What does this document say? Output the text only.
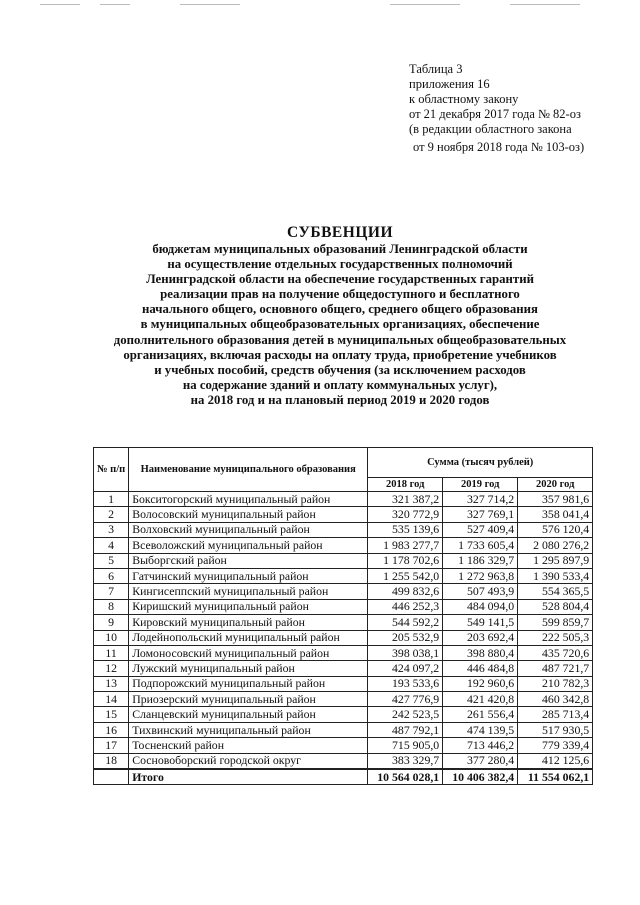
Таблица 3
приложения 16
к областному закону
от 21 декабря 2017 года № 82-оз
(в редакции областного закона
от 9 ноября 2018 года № 103-оз)
СУБВЕНЦИИ
бюджетам муниципальных образований Ленинградской области
на осуществление отдельных государственных полномочий
Ленинградской области на обеспечение государственных гарантий
реализации прав на получение общедоступного и бесплатного
начального общего, основного общего, среднего общего образования
в муниципальных общеобразовательных организациях, обеспечение
дополнительного образования детей в муниципальных общеобразовательных
организациях, включая расходы на оплату труда, приобретение учебников
и учебных пособий, средств обучения (за исключением расходов
на содержание зданий и оплату коммунальных услуг),
на 2018 год и на плановый период 2019 и 2020 годов
№ п/п	Наименование муниципального образования	Сумма (тысяч рублей)		
		2018 год	2019 год	2020 год
1	Бокситогорский муниципальный район	321 387,2	327 714,2	357 981,6
2	Волосовский муниципальный район	320 772,9	327 769,1	358 041,4
3	Волховский муниципальный район	535 139,6	527 409,4	576 120,4
4	Всеволожский муниципальный район	1 983 277,7	1 733 605,4	2 080 276,2
5	Выборгский район	1 178 702,6	1 186 329,7	1 295 897,9
6	Гатчинский муниципальный район	1 255 542,0	1 272 963,8	1 390 533,4
7	Кингисеппский муниципальный район	499 832,6	507 493,9	554 365,5
8	Киришский муниципальный район	446 252,3	484 094,0	528 804,4
9	Кировский муниципальный район	544 592,2	549 141,5	599 859,7
10	Лодейнопольский муниципальный район	205 532,9	203 692,4	222 505,3
11	Ломоносовский муниципальный район	398 038,1	398 880,4	435 720,6
12	Лужский муниципальный район	424 097,2	446 484,8	487 721,7
13	Подпорожский муниципальный район	193 533,6	192 960,6	210 782,3
14	Приозерский муниципальный район	427 776,9	421 420,8	460 342,8
15	Сланцевский муниципальный район	242 523,5	261 556,4	285 713,4
16	Тихвинский муниципальный район	487 792,1	474 139,5	517 930,5
17	Тосненский район	715 905,0	713 446,2	779 339,4
18	Сосновоборский городской округ	383 329,7	377 280,4	412 125,6
	Итого	10 564 028,1	10 406 382,4	11 554 062,1
